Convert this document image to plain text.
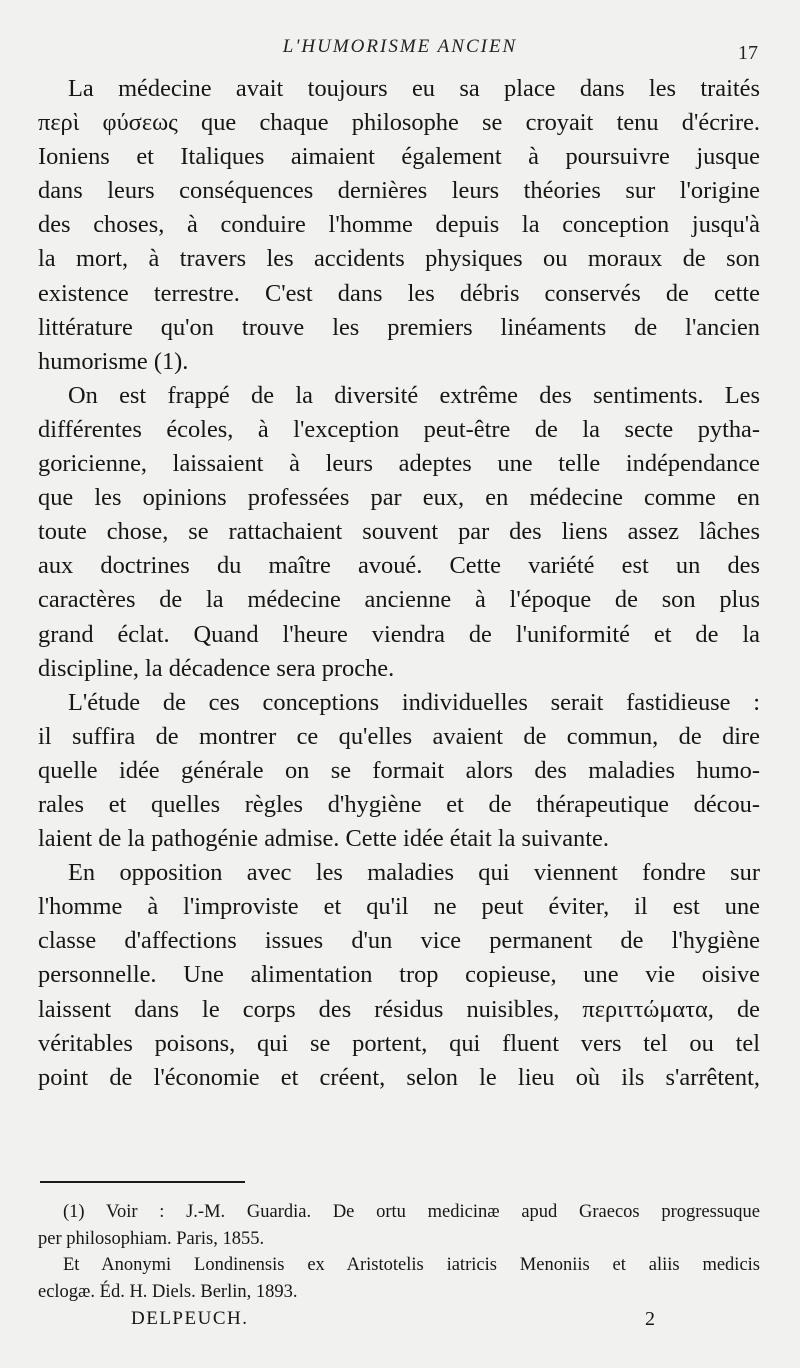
L'HUMORISME ANCIEN	17
La médecine avait toujours eu sa place dans les traités
περὶ φύσεως que chaque philosophe se croyait tenu d'écrire.
Ioniens et Italiques aimaient également à poursuivre jusque
dans leurs conséquences dernières leurs théories sur l'origine
des choses, à conduire l'homme depuis la conception jusqu'à
la mort, à travers les accidents physiques ou moraux de son
existence terrestre. C'est dans les débris conservés de cette
littérature qu'on trouve les premiers linéaments de l'ancien
humorisme (1).
On est frappé de la diversité extrême des sentiments. Les
différentes écoles, à l'exception peut-être de la secte pytha-
goricienne, laissaient à leurs adeptes une telle indépendance
que les opinions professées par eux, en médecine comme en
toute chose, se rattachaient souvent par des liens assez lâches
aux doctrines du maître avoué. Cette variété est un des
caractères de la médecine ancienne à l'époque de son plus
grand éclat. Quand l'heure viendra de l'uniformité et de la
discipline, la décadence sera proche.
L'étude de ces conceptions individuelles serait fastidieuse :
il suffira de montrer ce qu'elles avaient de commun, de dire
quelle idée générale on se formait alors des maladies humo-
rales et quelles règles d'hygiène et de thérapeutique décou-
laient de la pathogénie admise. Cette idée était la suivante.
En opposition avec les maladies qui viennent fondre sur
l'homme à l'improviste et qu'il ne peut éviter, il est une
classe d'affections issues d'un vice permanent de l'hygiène
personnelle. Une alimentation trop copieuse, une vie oisive
laissent dans le corps des résidus nuisibles, περιττώματα, de
véritables poisons, qui se portent, qui fluent vers tel ou tel
point de l'économie et créent, selon le lieu où ils s'arrêtent,
(1) Voir : J.-M. Guardia. De ortu medicinæ apud Graecos progressuque
per philosophiam. Paris, 1855.
Et Anonymi Londinensis ex Aristotelis iatricis Menoniis et aliis medicis
eclogæ. Éd. H. Diels. Berlin, 1893.
DELPEUCH.	2
